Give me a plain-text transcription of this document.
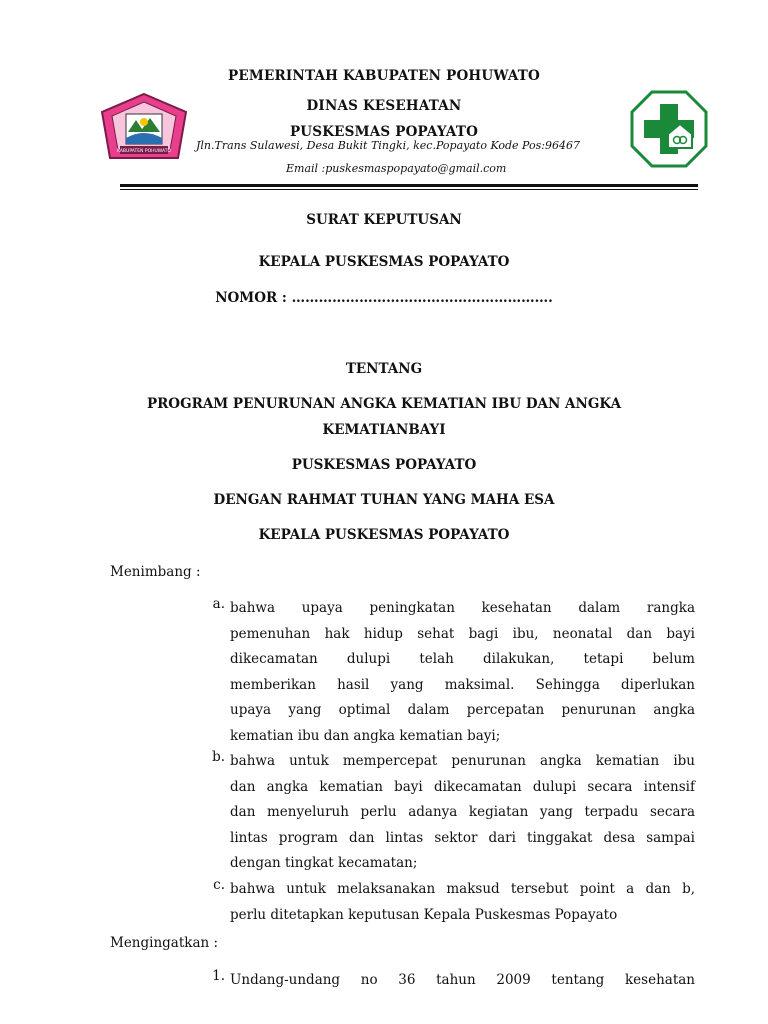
KABUPATEN POHUWATO
PEMERINTAH KABUPATEN POHUWATO
DINAS KESEHATAN
PUSKESMAS POPAYATO
Jln.Trans Sulawesi, Desa Bukit Tingki, kec.Popayato Kode Pos:96467
Email :puskesmaspopayato@gmail.com
SURAT KEPUTUSAN
KEPALA PUSKESMAS POPAYATO
NOMOR : ………………………………………………….
TENTANG
PROGRAM PENURUNAN ANGKA KEMATIAN IBU DAN ANGKA
KEMATIANBAYI
PUSKESMAS POPAYATO
DENGAN RAHMAT TUHAN YANG MAHA ESA
KEPALA PUSKESMAS POPAYATO
Menimbang :
a. bahwa upaya peningkatan kesehatan dalam rangka
pemenuhan hak hidup sehat bagi ibu, neonatal dan bayi
dikecamatan dulupi telah dilakukan, tetapi belum
memberikan hasil yang maksimal. Sehingga diperlukan
upaya yang optimal dalam percepatan penurunan angka
kematian ibu dan angka kematian bayi;
b. bahwa untuk mempercepat penurunan angka kematian ibu
dan angka kematian bayi dikecamatan dulupi secara intensif
dan menyeluruh perlu adanya kegiatan yang terpadu secara
lintas program dan lintas sektor dari tinggakat desa sampai
dengan tingkat kecamatan;
c. bahwa untuk melaksanakan maksud tersebut point a dan b,
perlu ditetapkan keputusan Kepala Puskesmas Popayato
Mengingatkan :
1. Undang-undang no 36 tahun 2009 tentang kesehatan
